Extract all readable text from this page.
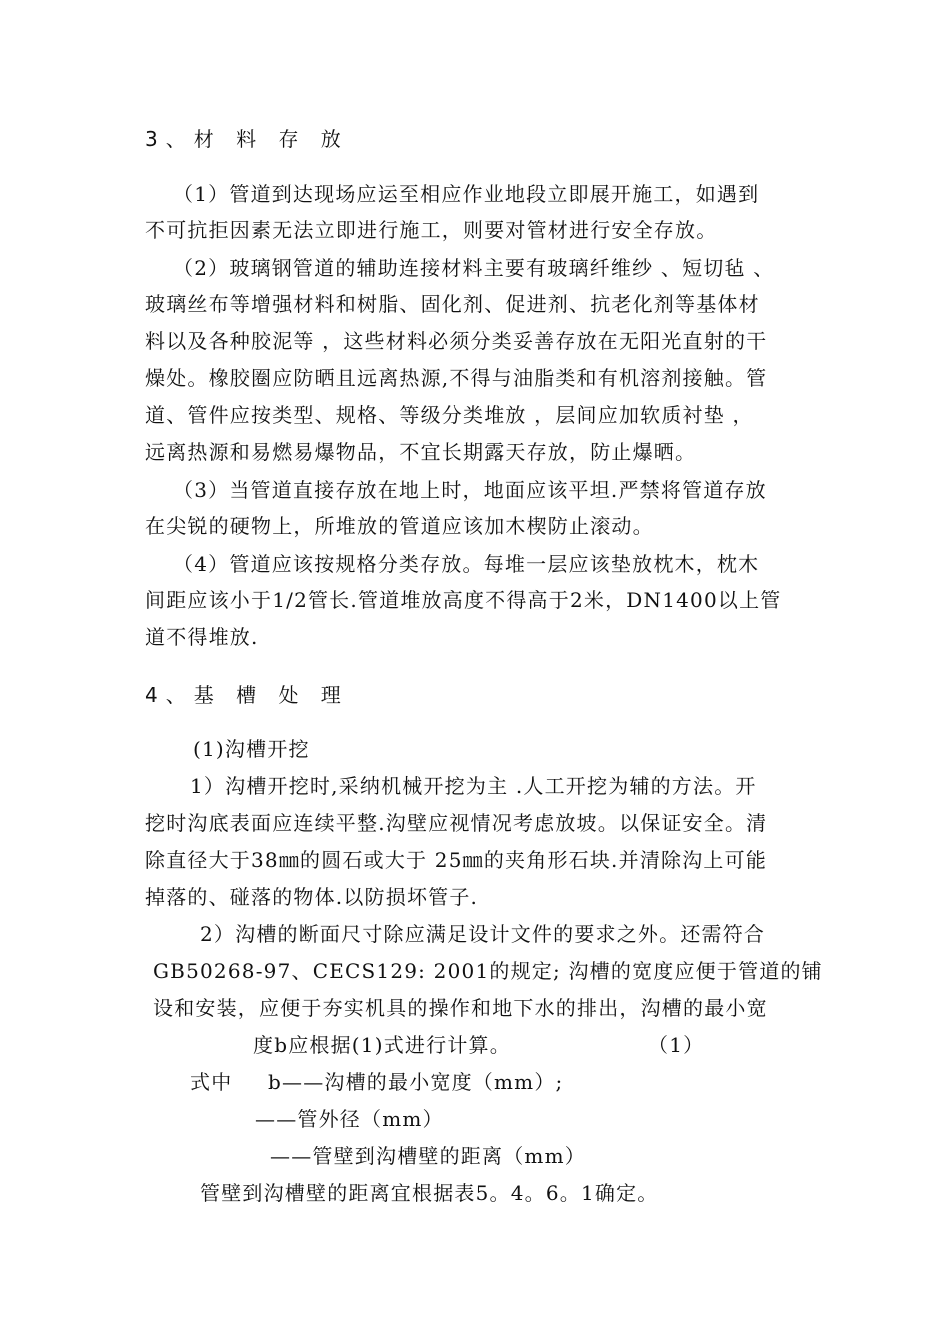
3、材 料 存 放
（1）管道到达现场应运至相应作业地段立即展开施工，如遇到
不可抗拒因素无法立即进行施工，则要对管材进行安全存放。
（2）玻璃钢管道的辅助连接材料主要有玻璃纤维纱 、短切毡 、
玻璃丝布等增强材料和树脂、固化剂、促进剂、抗老化剂等基体材
料以及各种胶泥等 ，这些材料必须分类妥善存放在无阳光直射的干
燥处。橡胶圈应防晒且远离热源,不得与油脂类和有机溶剂接触。管
道、管件应按类型、规格、等级分类堆放 ，层间应加软质衬垫 ，
远离热源和易燃易爆物品，不宜长期露天存放，防止爆晒。
（3）当管道直接存放在地上时，地面应该平坦.严禁将管道存放
在尖锐的硬物上，所堆放的管道应该加木楔防止滚动。
（4）管道应该按规格分类存放。每堆一层应该垫放枕木，枕木
间距应该小于1/2管长.管道堆放高度不得高于2米，DN1400以上管
道不得堆放.
4、基 槽 处 理
(1)沟槽开挖
1）沟槽开挖时,采纳机械开挖为主 .人工开挖为辅的方法。开
挖时沟底表面应连续平整.沟壁应视情况考虑放坡。以保证安全。清
除直径大于38㎜的圆石或大于 25㎜的夹角形石块.并清除沟上可能
掉落的、碰落的物体.以防损坏管子.
2）沟槽的断面尺寸除应满足设计文件的要求之外。还需符合
GB50268-97、CECS129: 2001的规定; 沟槽的宽度应便于管道的铺
设和安装，应便于夯实机具的操作和地下水的排出，沟槽的最小宽
度b应根据(1)式进行计算。	（1）
式中 b——沟槽的最小宽度（mm）;
——管外径（mm）
——管壁到沟槽壁的距离（mm）
管壁到沟槽壁的距离宜根据表5。4。6。1确定。
